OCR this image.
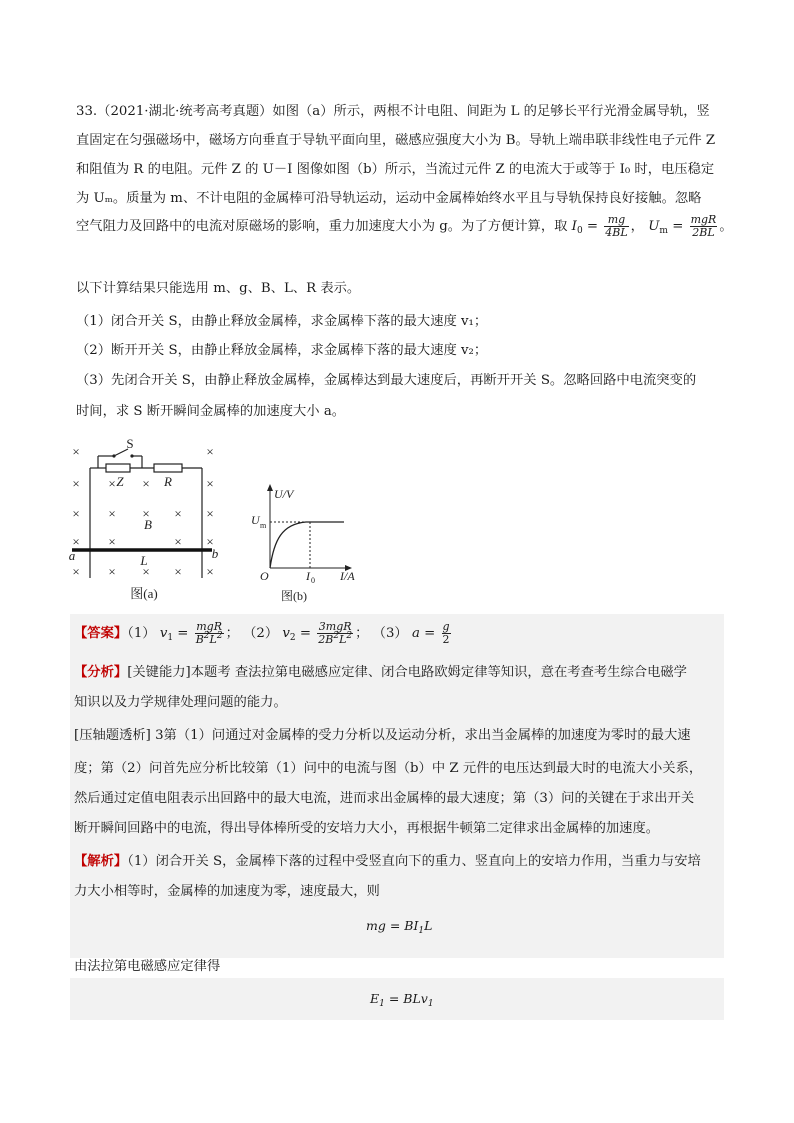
33.（2021·湖北·统考高考真题）如图（a）所示，两根不计电阻、间距为 L 的足够长平行光滑金属导轨，竖
直固定在匀强磁场中，磁场方向垂直于导轨平面向里，磁感应强度大小为 B。导轨上端串联非线性电子元件 Z
和阻值为 R 的电阻。元件 Z 的 U－I 图像如图（b）所示，当流过元件 Z 的电流大于或等于 I₀ 时，电压稳定
为 Uₘ。质量为 m、不计电阻的金属棒可沿导轨运动，运动中金属棒始终水平且与导轨保持良好接触。忽略
空气阻力及回路中的电流对原磁场的影响，重力加速度大小为 g。为了方便计算，取 $I_0 = \frac{mg}{4BL}$ ， $U_m = \frac{\text{mgR}}{2BL}$ 。
以下计算结果只能选用 m、g、B、L、R 表示。
（1）闭合开关 S，由静止释放金属棒，求金属棒下落的最大速度 v₁；
（2）断开开关 S，由静止释放金属棒，求金属棒下落的最大速度 v₂；
（3）先闭合开关 S，由静止释放金属棒，金属棒达到最大速度后，再断开开关 S。忽略回路中电流突变的
时间，求 S 断开瞬间金属棒的加速度大小 a。
×	×
× × ×	×
× × × × ×
× ×	× ×
× × × × ×
S
Z	R
B
L
a	b
图(a)
U/V
I/A
O
U m
I 0
图(b)
【答案】（1） $v_1 = \frac{\text{mgR}}{B^2L^2}$ ； （2） $v_2 = \frac{\text{3mgR}}{2B^2L^2}$ ； （3） $a = \frac{g}{2}$
【分析】[关键能力]本题考 查法拉第电磁感应定律、闭合电路欧姆定律等知识，意在考查考生综合电磁学
知识以及力学规律处理问题的能力。
[压轴题透析] 3第（1）问通过对金属棒的受力分析以及运动分析，求出当金属棒的加速度为零时的最大速
度；第（2）问首先应分析比较第（1）问中的电流与图（b）中 Z 元件的电压达到最大时的电流大小关系，
然后通过定值电阻表示出回路中的最大电流，进而求出金属棒的最大速度；第（3）问的关键在于求出开关
断开瞬间回路中的电流，得出导体棒所受的安培力大小，再根据牛顿第二定律求出金属棒的加速度。
【解析】（1）闭合开关 S，金属棒下落的过程中受竖直向下的重力、竖直向上的安培力作用，当重力与安培
力大小相等时，金属棒的加速度为零，速度最大，则
mg = $BI_1L$
由法拉第电磁感应定律得
$E_1 = BLv_1$
